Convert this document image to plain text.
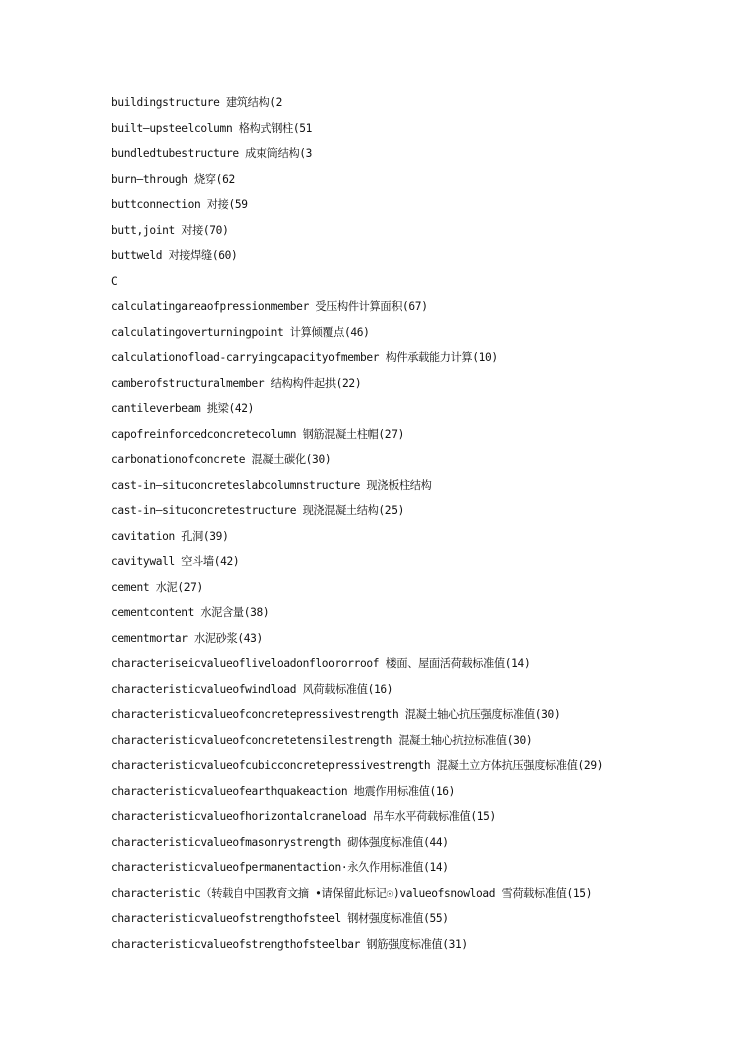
buildingstructure 建筑结构(2
built—upsteelcolumn 格构式钢柱(51
bundledtubestructure 成束筒结构(3
burn—through 烧穿(62
buttconnection 对接(59
butt,joint 对接(70)
buttweld 对接焊缝(60)
C
calculatingareaofpressionmember 受压构件计算面积(67)
calculatingoverturningpoint 计算倾覆点(46)
calculationofload-carryingcapacityofmember 构件承载能力计算(10)
camberofstructuralmember 结构构件起拱(22)
cantileverbeam 挑梁(42)
capofreinforcedconcretecolumn 钢筋混凝土柱帽(27)
carbonationofconcrete 混凝土碳化(30)
cast-in—situconcreteslabcolumnstructure 现浇板柱结构
cast-in—situconcretestructure 现浇混凝土结构(25)
cavitation 孔洞(39)
cavitywall 空斗墙(42)
cement 水泥(27)
cementcontent 水泥含量(38)
cementmortar 水泥砂浆(43)
characteriseicvalueofliveloadonfloororroof 楼面、屋面活荷载标准值(14)
characteristicvalueofwindload 风荷载标准值(16)
characteristicvalueofconcretepressivestrength 混凝土轴心抗压强度标准值(30)
characteristicvalueofconcretetensilestrength 混凝土轴心抗拉标准值(30)
characteristicvalueofcubicconcretepressivestrength 混凝土立方体抗压强度标准值(29)
characteristicvalueofearthquakeaction 地震作用标准值(16)
characteristicvalueofhorizontalcraneload 吊车水平荷载标准值(15)
characteristicvalueofmasonrystrength 砌体强度标准值(44)
characteristicvalueofpermanentaction·永久作用标准值(14)
characteristic（转载自中国教育文摘 •请保留此标记☉)valueofsnowload 雪荷载标准值(15)
characteristicvalueofstrengthofsteel 钢材强度标准值(55)
characteristicvalueofstrengthofsteelbar 钢筋强度标准值(31)
